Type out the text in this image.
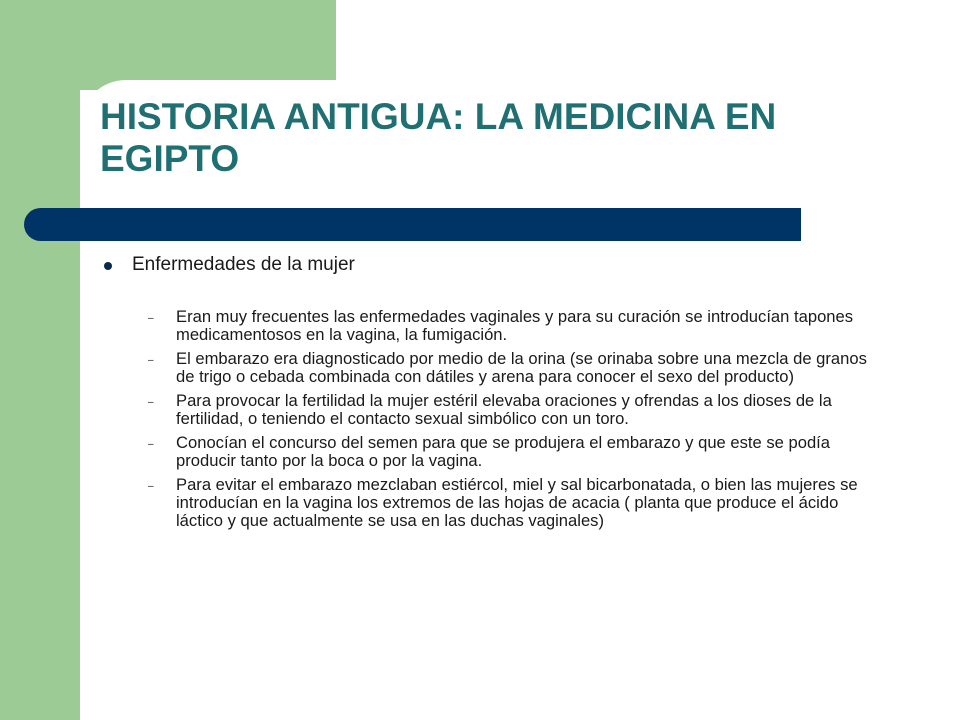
HISTORIA ANTIGUA: LA MEDICINA EN EGIPTO
Enfermedades de la mujer
– Eran muy frecuentes las enfermedades vaginales y para su curación se introducían tapones medicamentosos en la vagina, la fumigación.
– El embarazo era diagnosticado por medio de la orina (se orinaba sobre una mezcla de granos de trigo o cebada combinada con dátiles y arena para conocer el sexo del producto)
– Para provocar la fertilidad la mujer estéril elevaba oraciones y ofrendas a los dioses de la fertilidad, o teniendo el contacto sexual simbólico con un toro.
– Conocían el concurso del semen para que se produjera el embarazo y que este se podía producir tanto por la boca o por la vagina.
– Para evitar el embarazo mezclaban estiércol, miel y sal bicarbonatada, o bien las mujeres se introducían en la vagina los extremos de las hojas de acacia ( planta que produce el ácido láctico y que actualmente se usa en las duchas vaginales)
